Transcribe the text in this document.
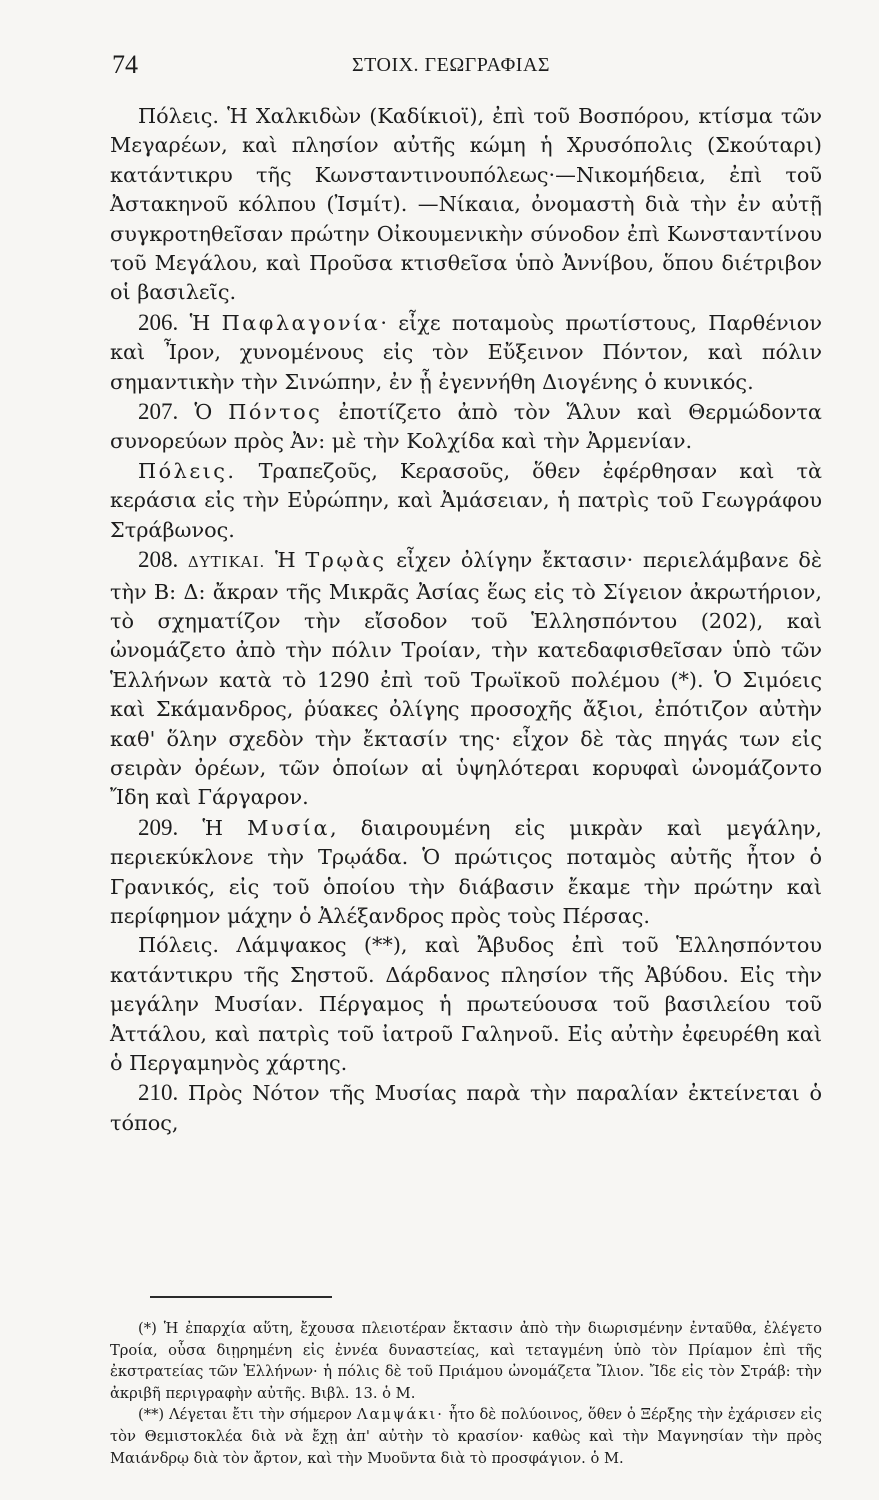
74	ΣΤΟΙΧ. ΓΕΩΓΡΑΦΙΑΣ

Πόλεις. Ἡ Χαλκιδὼν (Καδίκιοϊ), ἐπὶ τοῦ Βοσπόρου, κτίσμα τῶν Μεγαρέων, καὶ πλησίον αὐτῆς κώμη ἡ Χρυσόπολις (Σκούταρι) κατάντικρυ τῆς Κωνσταντινουπόλεως·—Νικομήδεια, ἐπὶ τοῦ Ἀστακηνοῦ κόλπου (Ἰσμίτ). —Νίκαια, ὀνομαστὴ διὰ τὴν ἐν αὐτῇ συγκροτηθεῖσαν πρώτην Οἰκουμενικὴν σύνοδον ἐπὶ Κωνσταντίνου τοῦ Μεγάλου, καὶ Προῦσα κτισθεῖσα ὑπὸ Ἀννίβου, ὅπου διέτριβον οἱ βασιλεῖς.

206. Ἡ Παφλαγονία· εἶχε ποταμοὺς πρωτίστους, Παρθένιον καὶ Ἶρον, χυνομένους εἰς τὸν Εὔξεινον Πόντον, καὶ πόλιν σημαντικὴν τὴν Σινώπην, ἐν ᾗ ἐγεννήθη Διογένης ὁ κυνικός.

207. Ὁ Πόντος ἐποτίζετο ἀπὸ τὸν Ἅλυν καὶ Θερμώδοντα συνορεύων πρὸς Ἀν: μὲ τὴν Κολχίδα καὶ τὴν Ἀρμενίαν.

Πόλεις. Τραπεζοῦς, Κερασοῦς, ὅθεν ἐφέρθησαν καὶ τὰ κεράσια εἰς τὴν Εὐρώπην, καὶ Ἀμάσειαν, ἡ πατρὶς τοῦ Γεωγράφου Στράβωνος.

208. ΔΥΤΙΚΑΙ. Ἡ Τρῳὰς εἶχεν ὀλίγην ἔκτασιν· περιελάμβανε δὲ τὴν Β: Δ: ἄκραν τῆς Μικρᾶς Ἀσίας ἕως εἰς τὸ Σίγειον ἀκρωτήριον, τὸ σχηματίζον τὴν εἴσοδον τοῦ Ἑλλησπόντου (202), καὶ ὠνομάζετο ἀπὸ τὴν πόλιν Τροίαν, τὴν κατεδαφισθεῖσαν ὑπὸ τῶν Ἑλλήνων κατὰ τὸ 1290 ἐπὶ τοῦ Τρωϊκοῦ πολέμου (*). Ὁ Σιμόεις καὶ Σκάμανδρος, ῥύακες ὀλίγης προσοχῆς ἄξιοι, ἐπότιζον αὐτὴν καθ' ὅλην σχεδὸν τὴν ἔκτασίν της· εἶχον δὲ τὰς πηγάς των εἰς σειρὰν ὀρέων, τῶν ὁποίων αἱ ὑψηλότεραι κορυφαὶ ὠνομάζοντο Ἴδη καὶ Γάργαρον.

209. Ἡ Μυσία, διαιρουμένη εἰς μικρὰν καὶ μεγάλην, περιεκύκλονε τὴν Τρῳάδα. Ὁ πρώτιςος ποταμὸς αὐτῆς ἦτον ὁ Γρανικός, εἰς τοῦ ὁποίου τὴν διάβασιν ἔκαμε τὴν πρώτην καὶ περίφημον μάχην ὁ Ἀλέξανδρος πρὸς τοὺς Πέρσας.

Πόλεις. Λάμψακος (**), καὶ Ἄβυδος ἐπὶ τοῦ Ἑλλησπόντου κατάντικρυ τῆς Σηστοῦ. Δάρδανος πλησίον τῆς Ἀβύδου. Εἰς τὴν μεγάλην Μυσίαν. Πέργαμος ἡ πρωτεύουσα τοῦ βασιλείου τοῦ Ἀττάλου, καὶ πατρὶς τοῦ ἰατροῦ Γαληνοῦ. Εἰς αὐτὴν ἐφευρέθη καὶ ὁ Περγαμηνὸς χάρτης.

210. Πρὸς Νότον τῆς Μυσίας παρὰ τὴν παραλίαν ἐκτείνεται ὁ τόπος,

(*) Ἡ ἐπαρχία αὕτη, ἔχουσα πλειοτέραν ἔκτασιν ἀπὸ τὴν διωρισμένην ἐνταῦθα, ἐλέγετο Τροία, οὖσα διῃρημένη εἰς ἐννέα δυναστείας, καὶ τεταγμένη ὑπὸ τὸν Πρίαμον ἐπὶ τῆς ἐκστρατείας τῶν Ἑλλήνων· ἡ πόλις δὲ τοῦ Πριάμου ὠνομάζετα Ἴλιον. Ἴδε εἰς τὸν Στράβ: τὴν ἀκριβῆ περιγραφὴν αὐτῆς. Βιβλ. 13. ὁ Μ.

(**) Λέγεται ἔτι τὴν σήμερον Λαμψάκι· ἦτο δὲ πολύοινος, ὅθεν ὁ Ξέρξης τὴν ἐχάρισεν εἰς τὸν Θεμιστοκλέα διὰ νὰ ἔχῃ ἀπ' αὐτὴν τὸ κρασίον· καθὼς καὶ τὴν Μαγνησίαν τὴν πρὸς Μαιάνδρῳ διὰ τὸν ἄρτον, καὶ τὴν Μυοῦντα διὰ τὸ προσφάγιον. ὁ Μ.
